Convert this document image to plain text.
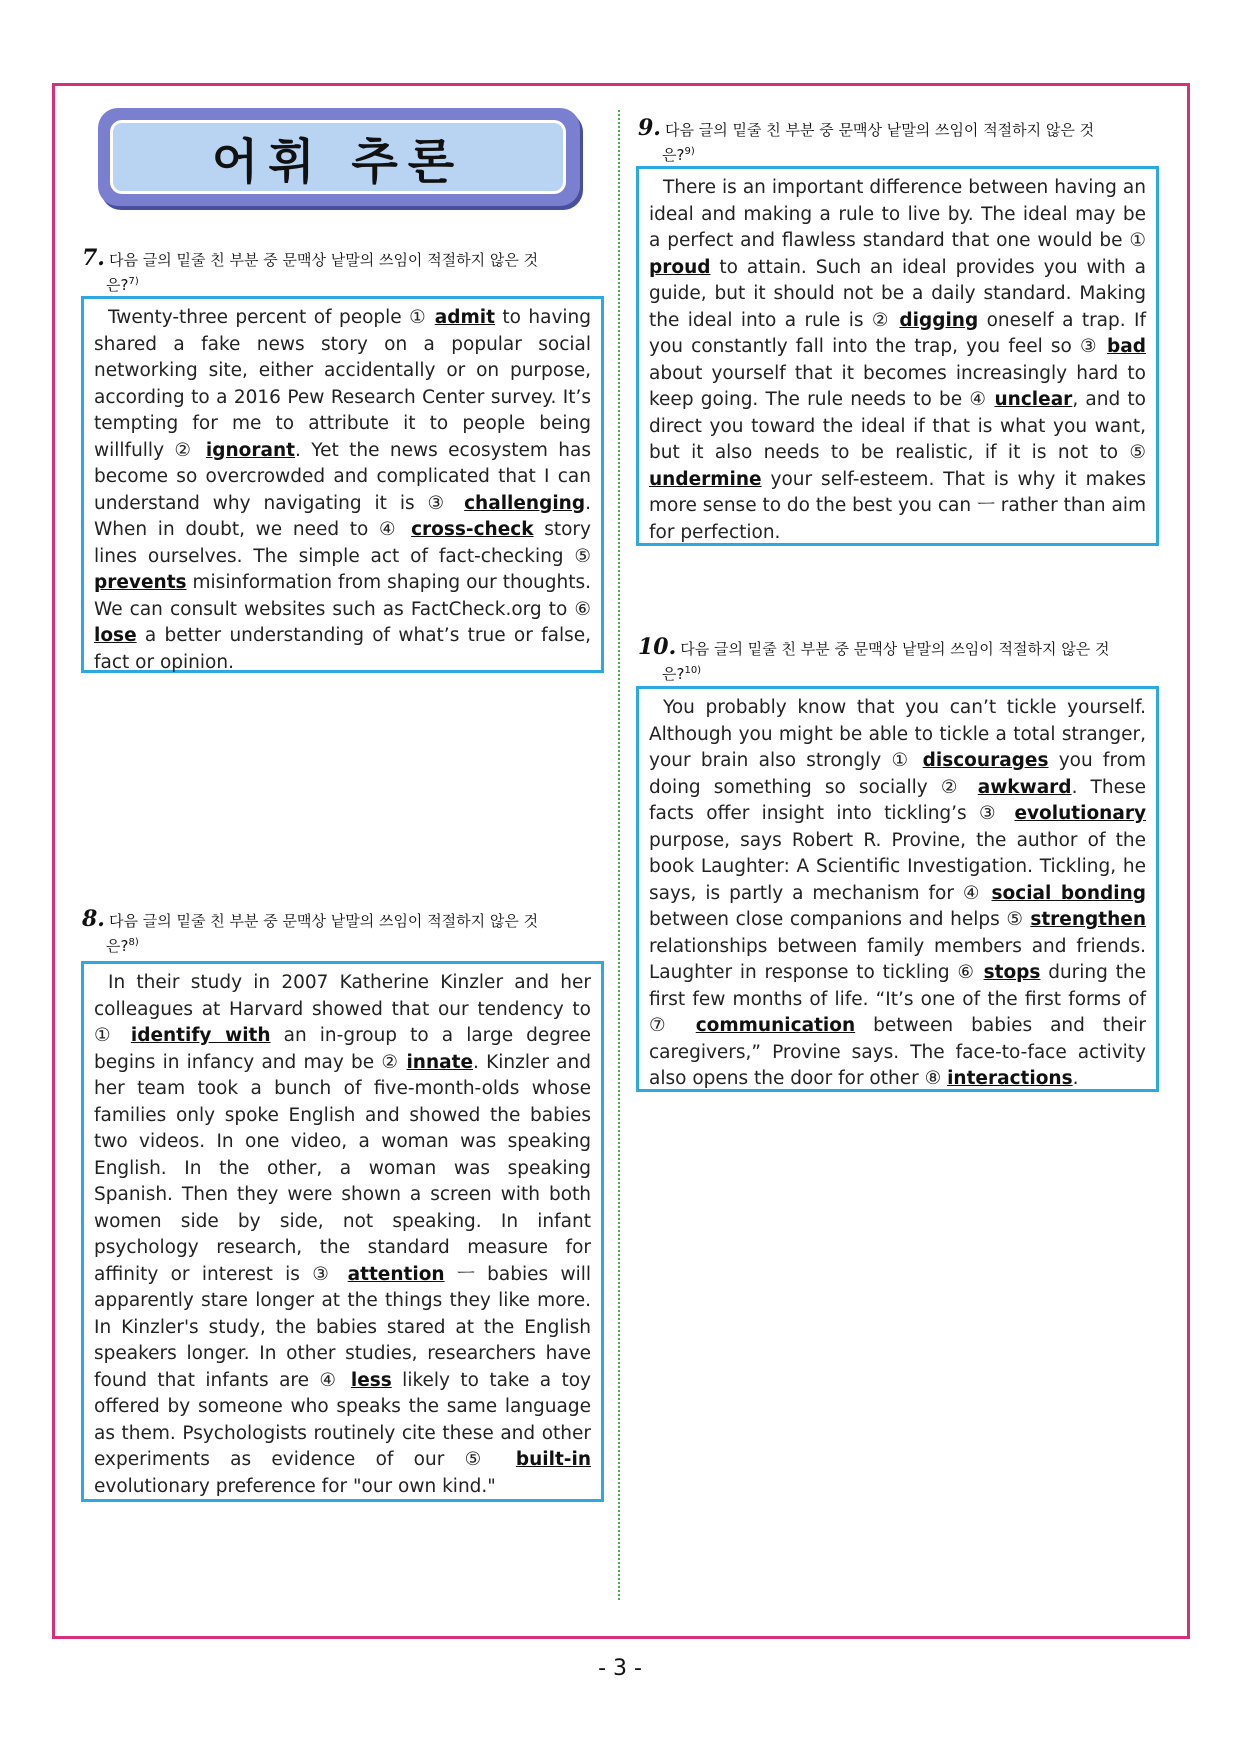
어휘 추론
7. 다음 글의 밑줄 친 부분 중 문맥상 낱말의 쓰임이 적절하지 않은 것
은?$^{7)}$

Twenty-three percent of people ① admit to having shared a fake news story on a popular social networking site, either accidentally or on purpose, according to a 2016 Pew Research Center survey. It’s tempting for me to attribute it to people being willfully ② ignorant. Yet the news ecosystem has become so overcrowded and complicated that I can understand why navigating it is ③ challenging. When in doubt, we need to ④ cross-check story lines ourselves. The simple act of fact-checking ⑤ prevents misinformation from shaping our thoughts. We can consult websites such as FactCheck.org to ⑥ lose a better understanding of what’s true or false, fact or opinion.

8. 다음 글의 밑줄 친 부분 중 문맥상 낱말의 쓰임이 적절하지 않은 것
은?$^{8)}$

In their study in 2007 Katherine Kinzler and her colleagues at Harvard showed that our tendency to ① identify with an in-group to a large degree begins in infancy and may be ② innate. Kinzler and her team took a bunch of five-month-olds whose families only spoke English and showed the babies two videos. In one video, a woman was speaking English. In the other, a woman was speaking Spanish. Then they were shown a screen with both women side by side, not speaking. In infant psychology research, the standard measure for affinity or interest is ③ attention ㅡ babies will apparently stare longer at the things they like more. In Kinzler's study, the babies stared at the English speakers longer. In other studies, researchers have found that infants are ④ less likely to take a toy offered by someone who speaks the same language as them. Psychologists routinely cite these and other experiments as evidence of our ⑤ built-in evolutionary preference for "our own kind."

9. 다음 글의 밑줄 친 부분 중 문맥상 낱말의 쓰임이 적절하지 않은 것
은?$^{9)}$

There is an important difference between having an ideal and making a rule to live by. The ideal may be a perfect and flawless standard that one would be ① proud to attain. Such an ideal provides you with a guide, but it should not be a daily standard. Making the ideal into a rule is ② digging oneself a trap. If you constantly fall into the trap, you feel so ③ bad about yourself that it becomes increasingly hard to keep going. The rule needs to be ④ unclear, and to direct you toward the ideal if that is what you want, but it also needs to be realistic, if it is not to ⑤ undermine your self-esteem. That is why it makes more sense to do the best you can ㅡ rather than aim for perfection.

10. 다음 글의 밑줄 친 부분 중 문맥상 낱말의 쓰임이 적절하지 않은 것
은?$^{10)}$

You probably know that you can’t tickle yourself. Although you might be able to tickle a total stranger, your brain also strongly ① discourages you from doing something so socially ② awkward. These facts offer insight into tickling’s ③ evolutionary purpose, says Robert R. Provine, the author of the book Laughter: A Scientific Investigation. Tickling, he says, is partly a mechanism for ④ social bonding between close companions and helps ⑤ strengthen relationships between family members and friends. Laughter in response to tickling ⑥ stops during the first few months of life. “It’s one of the first forms of ⑦ communication between babies and their caregivers,” Provine says. The face-to-face activity also opens the door for other ⑧ interactions.

- 3 -
